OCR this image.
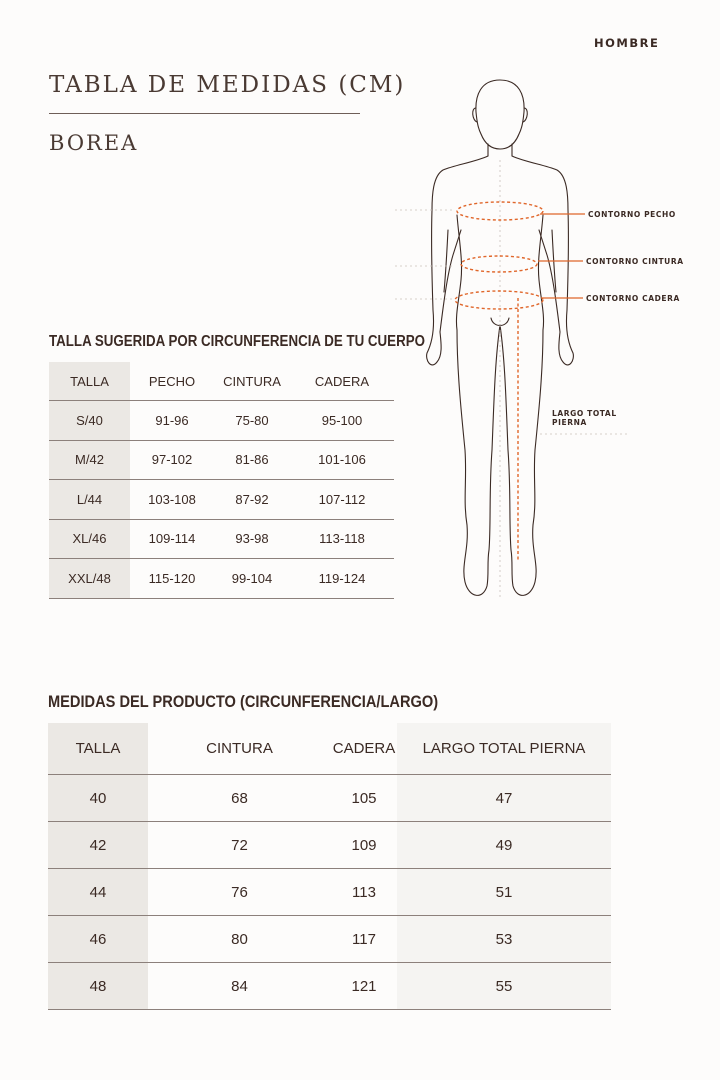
HOMBRE
TABLA DE MEDIDAS (CM)
BOREA
CONTORNO PECHO
CONTORNO CINTURA
CONTORNO CADERA
LARGO TOTAL
PIERNA
TALLA SUGERIDA POR CIRCUNFERENCIA DE TU CUERPO
TALLA	PECHO	CINTURA	CADERA
S/40	91-96	75-80	95-100
M/42	97-102	81-86	101-106
L/44	103-108	87-92	107-112
XL/46	109-114	93-98	113-118
XXL/48	115-120	99-104	119-124
MEDIDAS DEL PRODUCTO (CIRCUNFERENCIA/LARGO)
TALLA	CINTURA	CADERA	LARGO TOTAL PIERNA
40	68	105	47
42	72	109	49
44	76	113	51
46	80	117	53
48	84	121	55
